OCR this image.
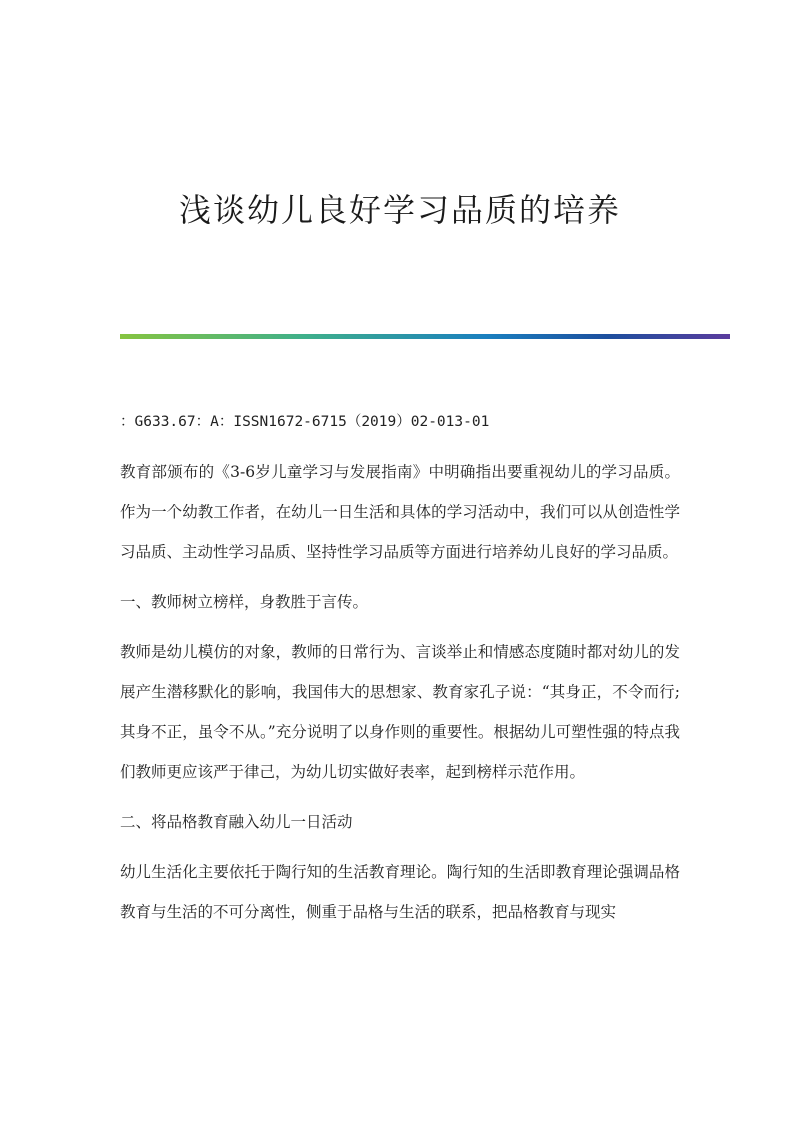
浅谈幼儿良好学习品质的培养

：G633.67：A：ISSN1672-6715（2019）02-013-01

教育部颁布的《3-6岁儿童学习与发展指南》中明确指出要重视幼儿的学习品质。作为一个幼教工作者，在幼儿一日生活和具体的学习活动中，我们可以从创造性学习品质、主动性学习品质、坚持性学习品质等方面进行培养幼儿良好的学习品质。

一、教师树立榜样，身教胜于言传。

教师是幼儿模仿的对象，教师的日常行为、言谈举止和情感态度随时都对幼儿的发展产生潜移默化的影响，我国伟大的思想家、教育家孔子说：“其身正，不令而行;其身不正，虽令不从。”充分说明了以身作则的重要性。根据幼儿可塑性强的特点我们教师更应该严于律己，为幼儿切实做好表率，起到榜样示范作用。

二、将品格教育融入幼儿一日活动

幼儿生活化主要依托于陶行知的生活教育理论。陶行知的生活即教育理论强调品格教育与生活的不可分离性，侧重于品格与生活的联系，把品格教育与现实
